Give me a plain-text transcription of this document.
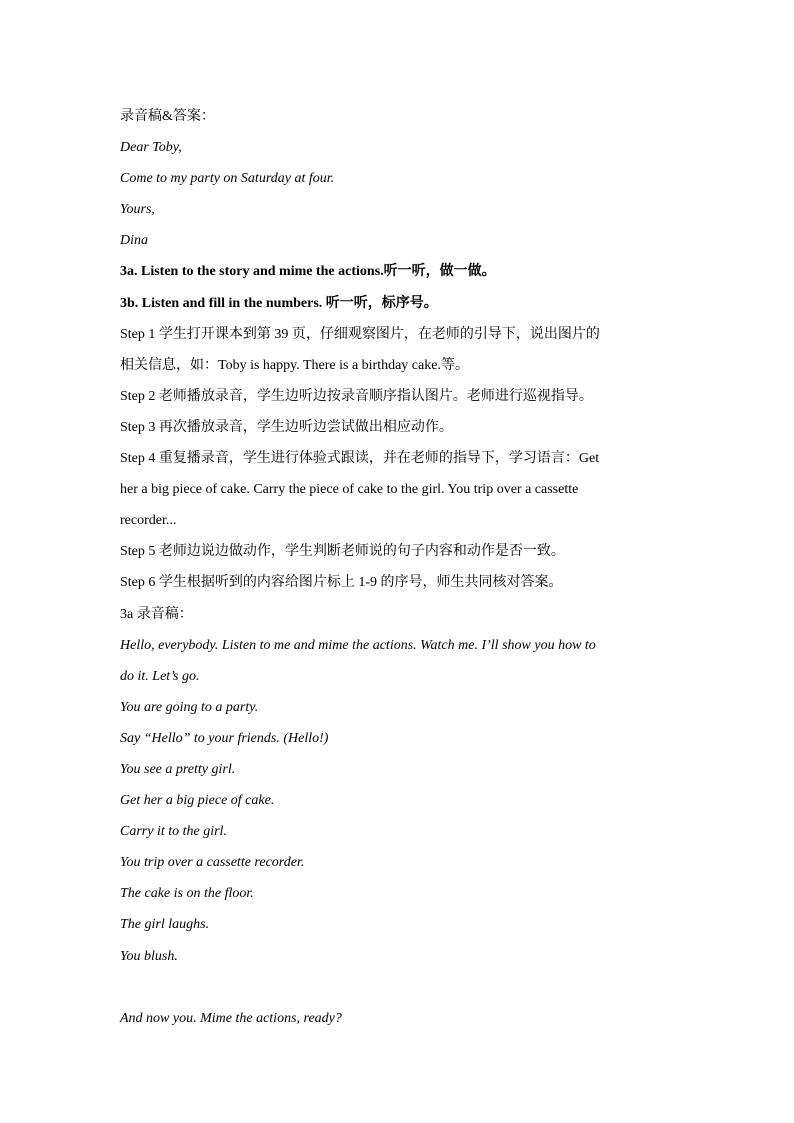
录音稿&答案：
Dear Toby,
Come to my party on Saturday at four.
Yours,
Dina
3a. Listen to the story and mime the actions.听一听，做一做。
3b. Listen and fill in the numbers. 听一听，标序号。
Step 1 学生打开课本到第 39 页，仔细观察图片，在老师的引导下，说出图片的
相关信息，如：Toby is happy. There is a birthday cake.等。
Step 2 老师播放录音，学生边听边按录音顺序指认图片。老师进行巡视指导。
Step 3 再次播放录音，学生边听边尝试做出相应动作。
Step 4 重复播录音，学生进行体验式跟读，并在老师的指导下，学习语言：Get
her a big piece of cake. Carry the piece of cake to the girl. You trip over a cassette
recorder...
Step 5 老师边说边做动作，学生判断老师说的句子内容和动作是否一致。
Step 6 学生根据听到的内容给图片标上 1-9 的序号，师生共同核对答案。
3a 录音稿：
Hello, everybody. Listen to me and mime the actions. Watch me. I’ll show you how to
do it. Let’s go.
You are going to a party.
Say “Hello” to your friends. (Hello!)
You see a pretty girl.
Get her a big piece of cake.
Carry it to the girl.
You trip over a cassette recorder.
The cake is on the floor.
The girl laughs.
You blush.
And now you. Mime the actions, ready?
